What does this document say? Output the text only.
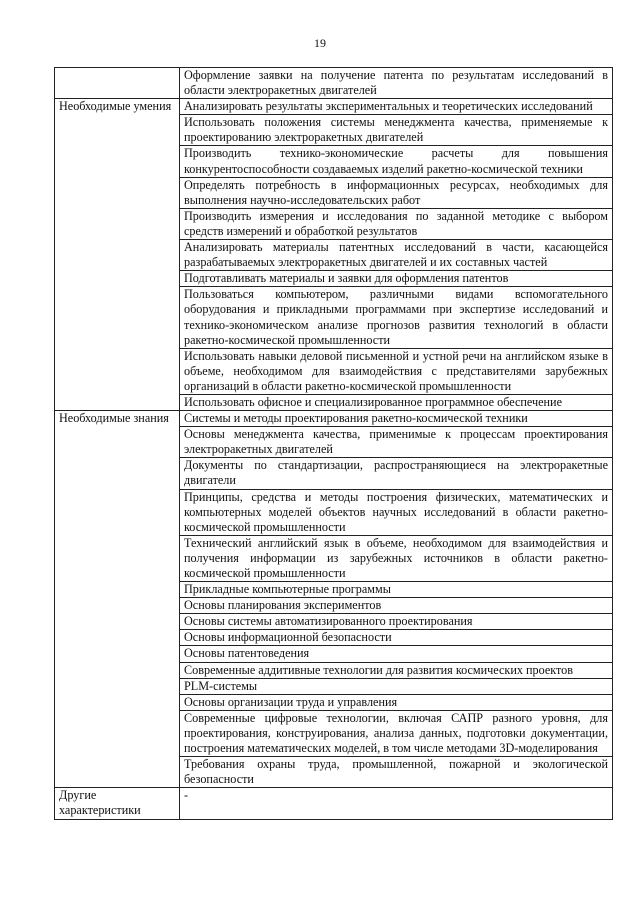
19
	Оформление заявки на получение патента по результатам исследований в области электроракетных двигателей
Необходимые умения	Анализировать результаты экспериментальных и теоретических исследований
	Использовать положения системы менеджмента качества, применяемые к проектированию электроракетных двигателей
	Производить технико-экономические расчеты для повышения конкурентоспособности создаваемых изделий ракетно-космической техники
	Определять потребность в информационных ресурсах, необходимых для выполнения научно-исследовательских работ
	Производить измерения и исследования по заданной методике с выбором средств измерений и обработкой результатов
	Анализировать материалы патентных исследований в части, касающейся разрабатываемых электроракетных двигателей и их составных частей
	Подготавливать материалы и заявки для оформления патентов
	Пользоваться компьютером, различными видами вспомогательного оборудования и прикладными программами при экспертизе исследований и технико-экономическом анализе прогнозов развития технологий в области ракетно-космической промышленности
	Использовать навыки деловой письменной и устной речи на английском языке в объеме, необходимом для взаимодействия с представителями зарубежных организаций в области ракетно-космической промышленности
	Использовать офисное и специализированное программное обеспечение
Необходимые знания	Системы и методы проектирования ракетно-космической техники
	Основы менеджмента качества, применимые к процессам проектирования электроракетных двигателей
	Документы по стандартизации, распространяющиеся на электроракетные двигатели
	Принципы, средства и методы построения физических, математических и компьютерных моделей объектов научных исследований в области ракетно-космической промышленности
	Технический английский язык в объеме, необходимом для взаимодействия и получения информации из зарубежных источников в области ракетно-космической промышленности
	Прикладные компьютерные программы
	Основы планирования экспериментов
	Основы системы автоматизированного проектирования
	Основы информационной безопасности
	Основы патентоведения
	Современные аддитивные технологии для развития космических проектов
	PLM-системы
	Основы организации труда и управления
	Современные цифровые технологии, включая САПР разного уровня, для проектирования, конструирования, анализа данных, подготовки документации, построения математических моделей, в том числе методами 3D-моделирования
	Требования охраны труда, промышленной, пожарной и экологической безопасности
Другие характеристики	-
